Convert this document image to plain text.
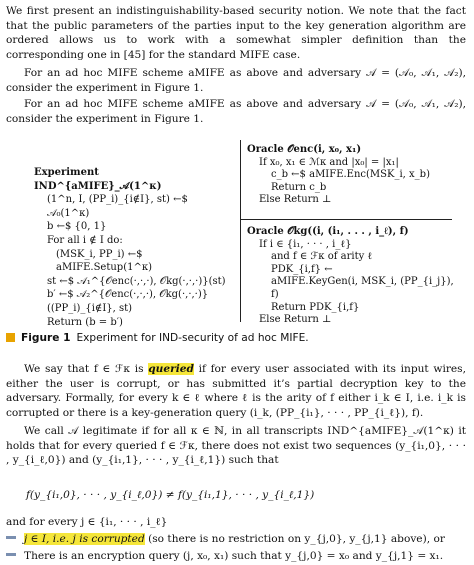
We first present an indistinguishability-based security notion. We note that the fact that the public parameters of the parties input to the key generation algorithm are ordered allows us to work with a somewhat simpler definition than the corresponding one in [45] for the standard MIFE case.
For an ad hoc MIFE scheme aMIFE as above and adversary 𝒜 = (𝒜₀, 𝒜₁, 𝒜₂), consider the experiment in Figure 1.
For an ad hoc MIFE scheme aMIFE as above and adversary 𝒜 = (𝒜₀, 𝒜₁, 𝒜₂), consider the experiment in Figure 1.
Experiment IND^{aMIFE}_𝒜(1^κ)
(1^n, I, (PP_i)_{i∉I}, st) ←$ 𝒜₀(1^κ)
b ←$ {0, 1}
For all i ∉ I do:
(MSK_i, PP_i) ←$ aMIFE.Setup(1^κ)
st ←$ 𝒜₁^{𝒪enc(·,·,·), 𝒪kg(·,·,·)}(st)
b′ ←$ 𝒜₂^{𝒪enc(·,·,·), 𝒪kg(·,·,·)}((PP_i)_{i∉I}, st)
Return (b = b′)
Oracle 𝒪enc(i, x₀, x₁)
If x₀, x₁ ∈ ℳκ and |x₀| = |x₁|
c_b ←$ aMIFE.Enc(MSK_i, x_b)
Return c_b
Else Return ⊥
Oracle 𝒪kg((i, (i₁, . . . , i_ℓ), f)
If i ∈ {i₁, · · · , i_ℓ}
and f ∈ ℱκ of arity ℓ
PDK_{i,f} ←
aMIFE.KeyGen(i, MSK_i, (PP_{i_j}), f)
Return PDK_{i,f}
Else Return ⊥
Figure 1 Experiment for IND-security of ad hoc MIFE.
We say that f ∈ ℱκ is queried if for every user associated with its input wires, either the user is corrupt, or has submitted it’s partial decryption key to the adversary. Formally, for every k ∈ ℓ where ℓ is the arity of f either i_k ∈ I, i.e. i_k is corrupted or there is a key-generation query (i_k, (PP_{i₁}, · · · , PP_{i_ℓ}), f).
We call 𝒜 legitimate if for all κ ∈ ℕ, in all transcripts IND^{aMIFE}_𝒜(1^κ) it holds that for every queried f ∈ ℱκ, there does not exist two sequences (y_{i₁,0}, · · · , y_{i_ℓ,0}) and (y_{i₁,1}, · · · , y_{i_ℓ,1}) such that
f(y_{i₁,0}, · · · , y_{i_ℓ,0}) ≠ f(y_{i₁,1}, · · · , y_{i_ℓ,1})
and for every j ∈ {i₁, · · · , i_ℓ}
j ∈ I, i.e. j is corrupted (so there is no restriction on y_{j,0}, y_{j,1} above), or
There is an encryption query (j, x₀, x₁) such that y_{j,0} = x₀ and y_{j,1} = x₁.
